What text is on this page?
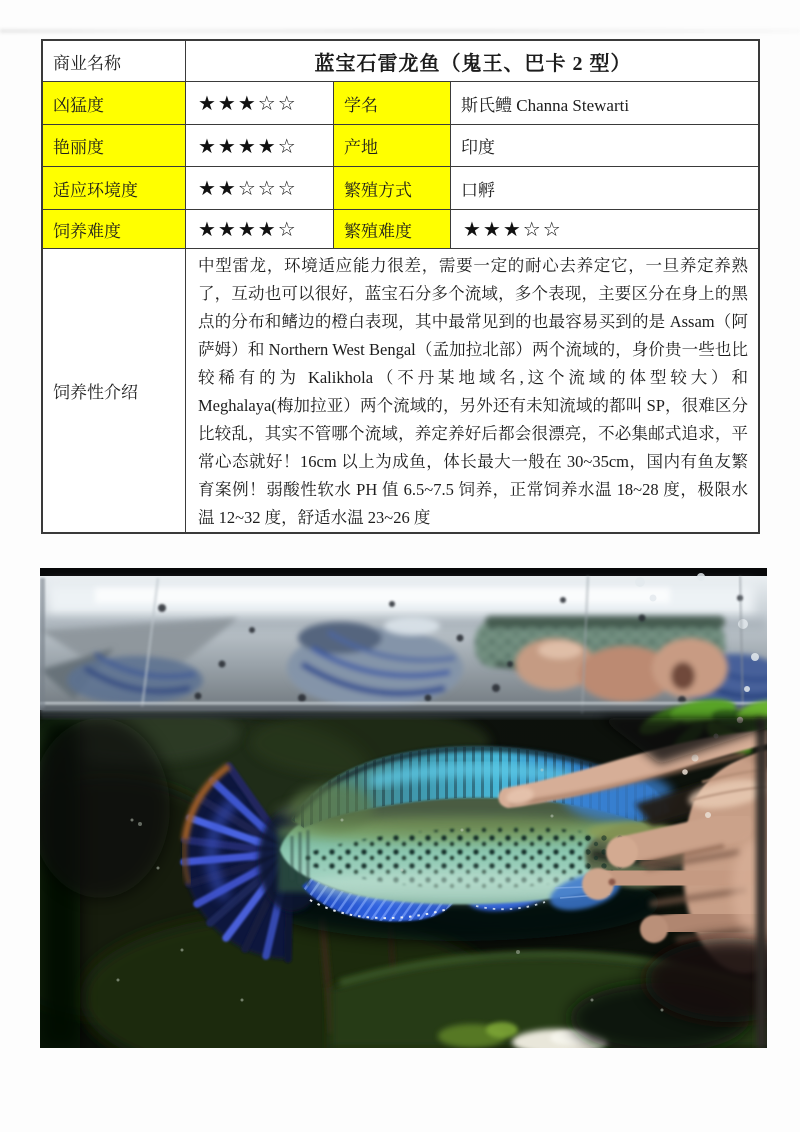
商业名称	蓝宝石雷龙鱼（鬼王、巴卡 2 型）
凶猛度	★★★☆☆	学名	斯氏鳢 Channa Stewarti
艳丽度	★★★★☆	产地	印度
适应环境度	★★☆☆☆	繁殖方式	口孵
饲养难度	★★★★☆	繁殖难度	★★★☆☆
饲养性介绍
中型雷龙，环境适应能力很差，需要一定的耐心去养定它，一旦养定养熟了，互动也可以很好，蓝宝石分多个流域，多个表现，主要区分在身上的黑点的分布和鳍边的橙白表现，其中最常见到的也最容易买到的是 Assam（阿萨姆）和 Northern West Bengal（孟加拉北部）两个流域的，身价贵一些也比较稀有的为 Kalikhola（不丹某地域名,这个流域的体型较大）和 Meghalaya(梅加拉亚）两个流域的，另外还有未知流域的都叫 SP，很难区分比较乱，其实不管哪个流域，养定养好后都会很漂亮，不必集邮式追求，平常心态就好！16cm 以上为成鱼，体长最大一般在 30~35cm，国内有鱼友繁育案例！弱酸性软水 PH 值 6.5~7.5 饲养，正常饲养水温 18~28 度，极限水温 12~32 度，舒适水温 23~26 度
